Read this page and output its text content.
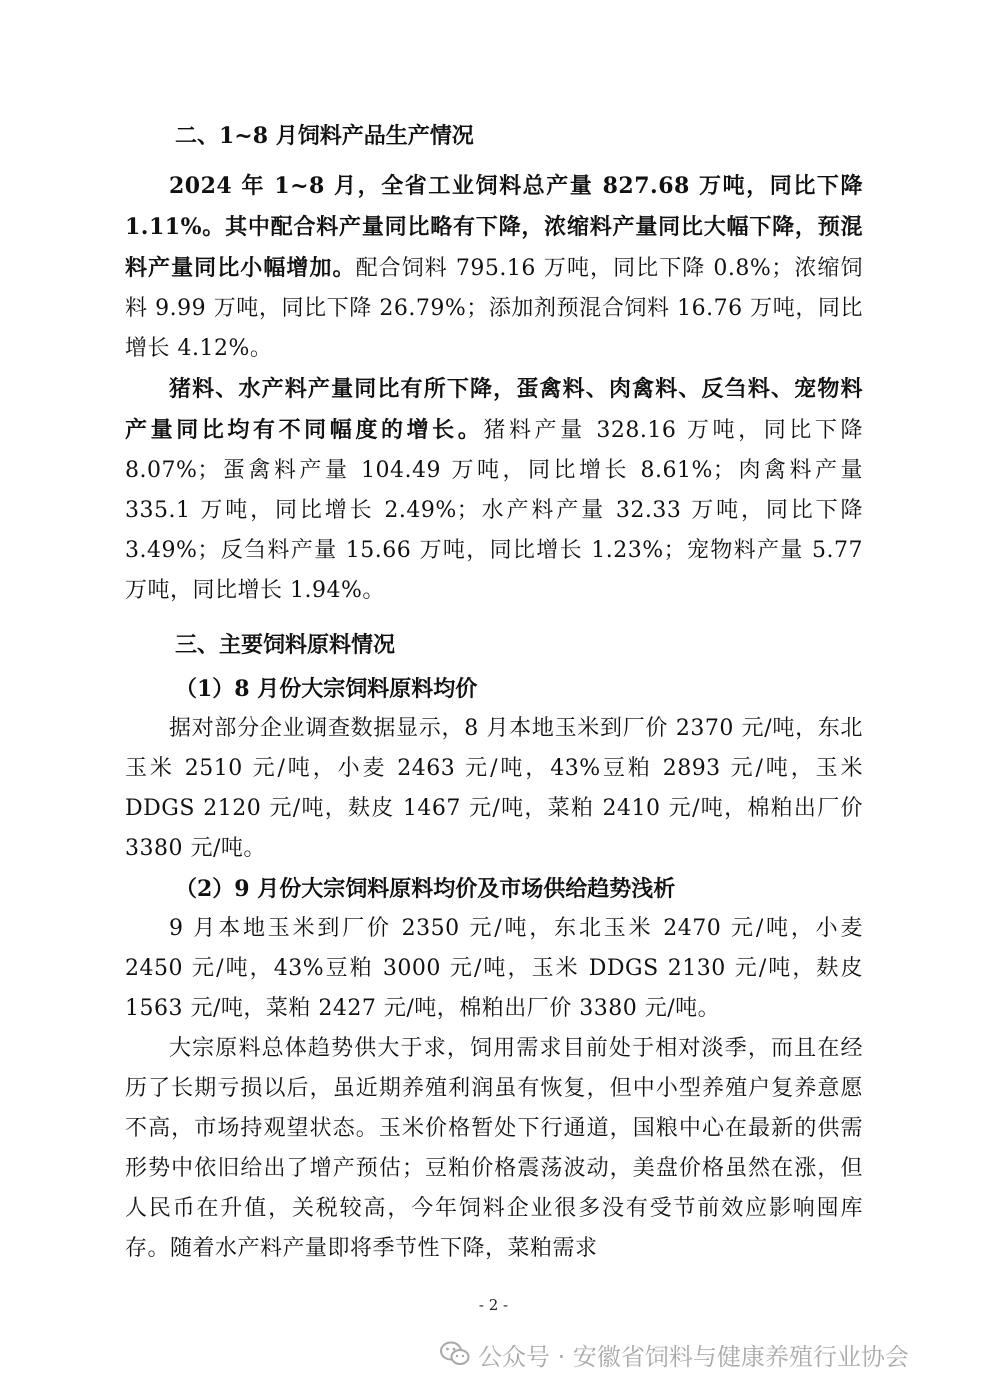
二、1~8 月饲料产品生产情况

2024 年 1~8 月，全省工业饲料总产量 827.68 万吨，同比下降 1.11%。其中配合料产量同比略有下降，浓缩料产量同比大幅下降，预混料产量同比小幅增加。配合饲料 795.16 万吨，同比下降 0.8%；浓缩饲料 9.99 万吨，同比下降 26.79%；添加剂预混合饲料 16.76 万吨，同比增长 4.12%。

猪料、水产料产量同比有所下降，蛋禽料、肉禽料、反刍料、宠物料产量同比均有不同幅度的增长。猪料产量 328.16 万吨，同比下降 8.07%；蛋禽料产量 104.49 万吨，同比增长 8.61%；肉禽料产量 335.1 万吨，同比增长 2.49%；水产料产量 32.33 万吨，同比下降 3.49%；反刍料产量 15.66 万吨，同比增长 1.23%；宠物料产量 5.77 万吨，同比增长 1.94%。

三、主要饲料原料情况
（1）8 月份大宗饲料原料均价

据对部分企业调查数据显示，8 月本地玉米到厂价 2370 元/吨，东北玉米 2510 元/吨，小麦 2463 元/吨，43%豆粕 2893 元/吨，玉米 DDGS 2120 元/吨，麸皮 1467 元/吨，菜粕 2410 元/吨，棉粕出厂价 3380 元/吨。

（2）9 月份大宗饲料原料均价及市场供给趋势浅析

9 月本地玉米到厂价 2350 元/吨，东北玉米 2470 元/吨，小麦 2450 元/吨，43%豆粕 3000 元/吨，玉米 DDGS 2130 元/吨，麸皮 1563 元/吨，菜粕 2427 元/吨，棉粕出厂价 3380 元/吨。

大宗原料总体趋势供大于求，饲用需求目前处于相对淡季，而且在经历了长期亏损以后，虽近期养殖利润虽有恢复，但中小型养殖户复养意愿不高，市场持观望状态。玉米价格暂处下行通道，国粮中心在最新的供需形势中依旧给出了增产预估；豆粕价格震荡波动，美盘价格虽然在涨，但人民币在升值，关税较高，今年饲料企业很多没有受节前效应影响囤库存。随着水产料产量即将季节性下降，菜粕需求

- 2 -
公众号 · 安徽省饲料与健康养殖行业协会
